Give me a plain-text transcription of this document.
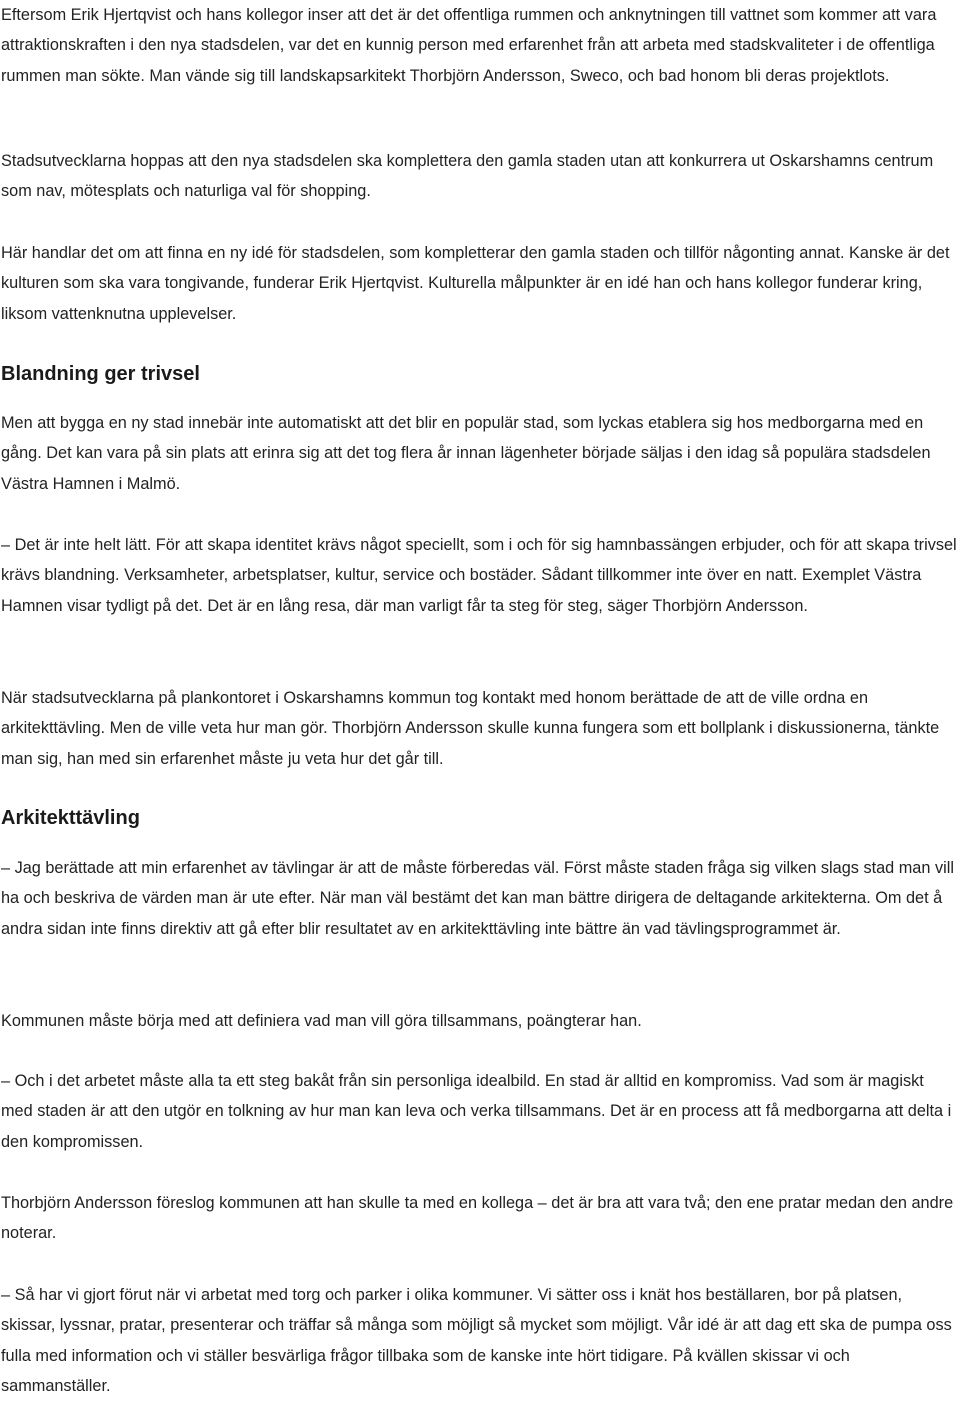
Eftersom Erik Hjertqvist och hans kollegor inser att det är det offentliga rummen och anknytningen till vattnet som kommer att vara attraktionskraften i den nya stadsdelen, var det en kunnig person med erfarenhet från att arbeta med stadskvaliteter i de offentliga rummen man sökte. Man vände sig till landskapsarkitekt Thorbjörn Andersson, Sweco, och bad honom bli deras projektlots.

Stadsutvecklarna hoppas att den nya stadsdelen ska komplettera den gamla staden utan att konkurrera ut Oskarshamns centrum som nav, mötesplats och naturliga val för shopping.

Här handlar det om att finna en ny idé för stadsdelen, som kompletterar den gamla staden och tillför någonting annat. Kanske är det kulturen som ska vara tongivande, funderar Erik Hjertqvist. Kulturella målpunkter är en idé han och hans kollegor funderar kring, liksom vattenknutna upplevelser.

Blandning ger trivsel

Men att bygga en ny stad innebär inte automatiskt att det blir en populär stad, som lyckas etablera sig hos medborgarna med en gång. Det kan vara på sin plats att erinra sig att det tog flera år innan lägenheter började säljas i den idag så populära stadsdelen Västra Hamnen i Malmö.

– Det är inte helt lätt. För att skapa identitet krävs något speciellt, som i och för sig hamnbassängen erbjuder, och för att skapa trivsel krävs blandning. Verksamheter, arbetsplatser, kultur, service och bostäder. Sådant tillkommer inte över en natt. Exemplet Västra Hamnen visar tydligt på det. Det är en lång resa, där man varligt får ta steg för steg, säger Thorbjörn Andersson.

När stadsutvecklarna på plankontoret i Oskarshamns kommun tog kontakt med honom berättade de att de ville ordna en arkitekttävling. Men de ville veta hur man gör. Thorbjörn Andersson skulle kunna fungera som ett bollplank i diskussionerna, tänkte man sig, han med sin erfarenhet måste ju veta hur det går till.

Arkitekttävling

– Jag berättade att min erfarenhet av tävlingar är att de måste förberedas väl. Först måste staden fråga sig vilken slags stad man vill ha och beskriva de värden man är ute efter. När man väl bestämt det kan man bättre dirigera de deltagande arkitekterna. Om det å andra sidan inte finns direktiv att gå efter blir resultatet av en arkitekttävling inte bättre än vad tävlingsprogrammet är.

Kommunen måste börja med att definiera vad man vill göra tillsammans, poängterar han.

– Och i det arbetet måste alla ta ett steg bakåt från sin personliga idealbild. En stad är alltid en kompromiss. Vad som är magiskt med staden är att den utgör en tolkning av hur man kan leva och verka tillsammans. Det är en process att få medborgarna att delta i den kompromissen.

Thorbjörn Andersson föreslog kommunen att han skulle ta med en kollega – det är bra att vara två; den ene pratar medan den andre noterar.

– Så har vi gjort förut när vi arbetat med torg och parker i olika kommuner. Vi sätter oss i knät hos beställaren, bor på platsen, skissar, lyssnar, pratar, presenterar och träffar så många som möjligt så mycket som möjligt. Vår idé är att dag ett ska de pumpa oss fulla med information och vi ställer besvärliga frågor tillbaka som de kanske inte hört tidigare. På kvällen skissar vi och sammanställer.
